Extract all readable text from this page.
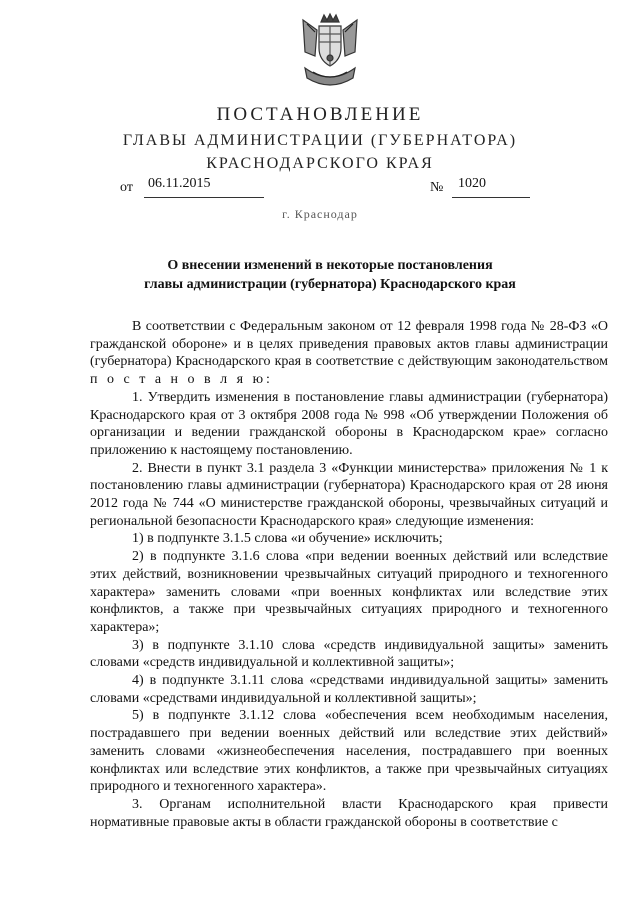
ПОСТАНОВЛЕНИЕ
ГЛАВЫ АДМИНИСТРАЦИИ (ГУБЕРНАТОРА)
КРАСНОДАРСКОГО КРАЯ
от 06.11.2015	№ 1020
г. Краснодар
О внесении изменений в некоторые постановления
главы администрации (губернатора) Краснодарского края

В соответствии с Федеральным законом от 12 февраля 1998 года № 28-ФЗ «О гражданской обороне» и в целях приведения правовых актов главы администрации (губернатора) Краснодарского края в соответствие с действующим законодательством п о с т а н о в л я ю:

1. Утвердить изменения в постановление главы администрации (губернатора) Краснодарского края от 3 октября 2008 года № 998 «Об утверждении Положения об организации и ведении гражданской обороны в Краснодарском крае» согласно приложению к настоящему постановлению.

2. Внести в пункт 3.1 раздела 3 «Функции министерства» приложения № 1 к постановлению главы администрации (губернатора) Краснодарского края от 28 июня 2012 года № 744 «О министерстве гражданской обороны, чрезвычайных ситуаций и региональной безопасности Краснодарского края» следующие изменения:

1) в подпункте 3.1.5 слова «и обучение» исключить;

2) в подпункте 3.1.6 слова «при ведении военных действий или вследствие этих действий, возникновении чрезвычайных ситуаций природного и техногенного характера» заменить словами «при военных конфликтах или вследствие этих конфликтов, а также при чрезвычайных ситуациях природного и техногенного характера»;

3) в подпункте 3.1.10 слова «средств индивидуальной защиты» заменить словами «средств индивидуальной и коллективной защиты»;

4) в подпункте 3.1.11 слова «средствами индивидуальной защиты» заменить словами «средствами индивидуальной и коллективной защиты»;

5) в подпункте 3.1.12 слова «обеспечения всем необходимым населения, пострадавшего при ведении военных действий или вследствие этих действий» заменить словами «жизнеобеспечения населения, пострадавшего при военных конфликтах или вследствие этих конфликтов, а также при чрезвычайных ситуациях природного и техногенного характера».

3. Органам исполнительной власти Краснодарского края привести нормативные правовые акты в области гражданской обороны в соответствие с
